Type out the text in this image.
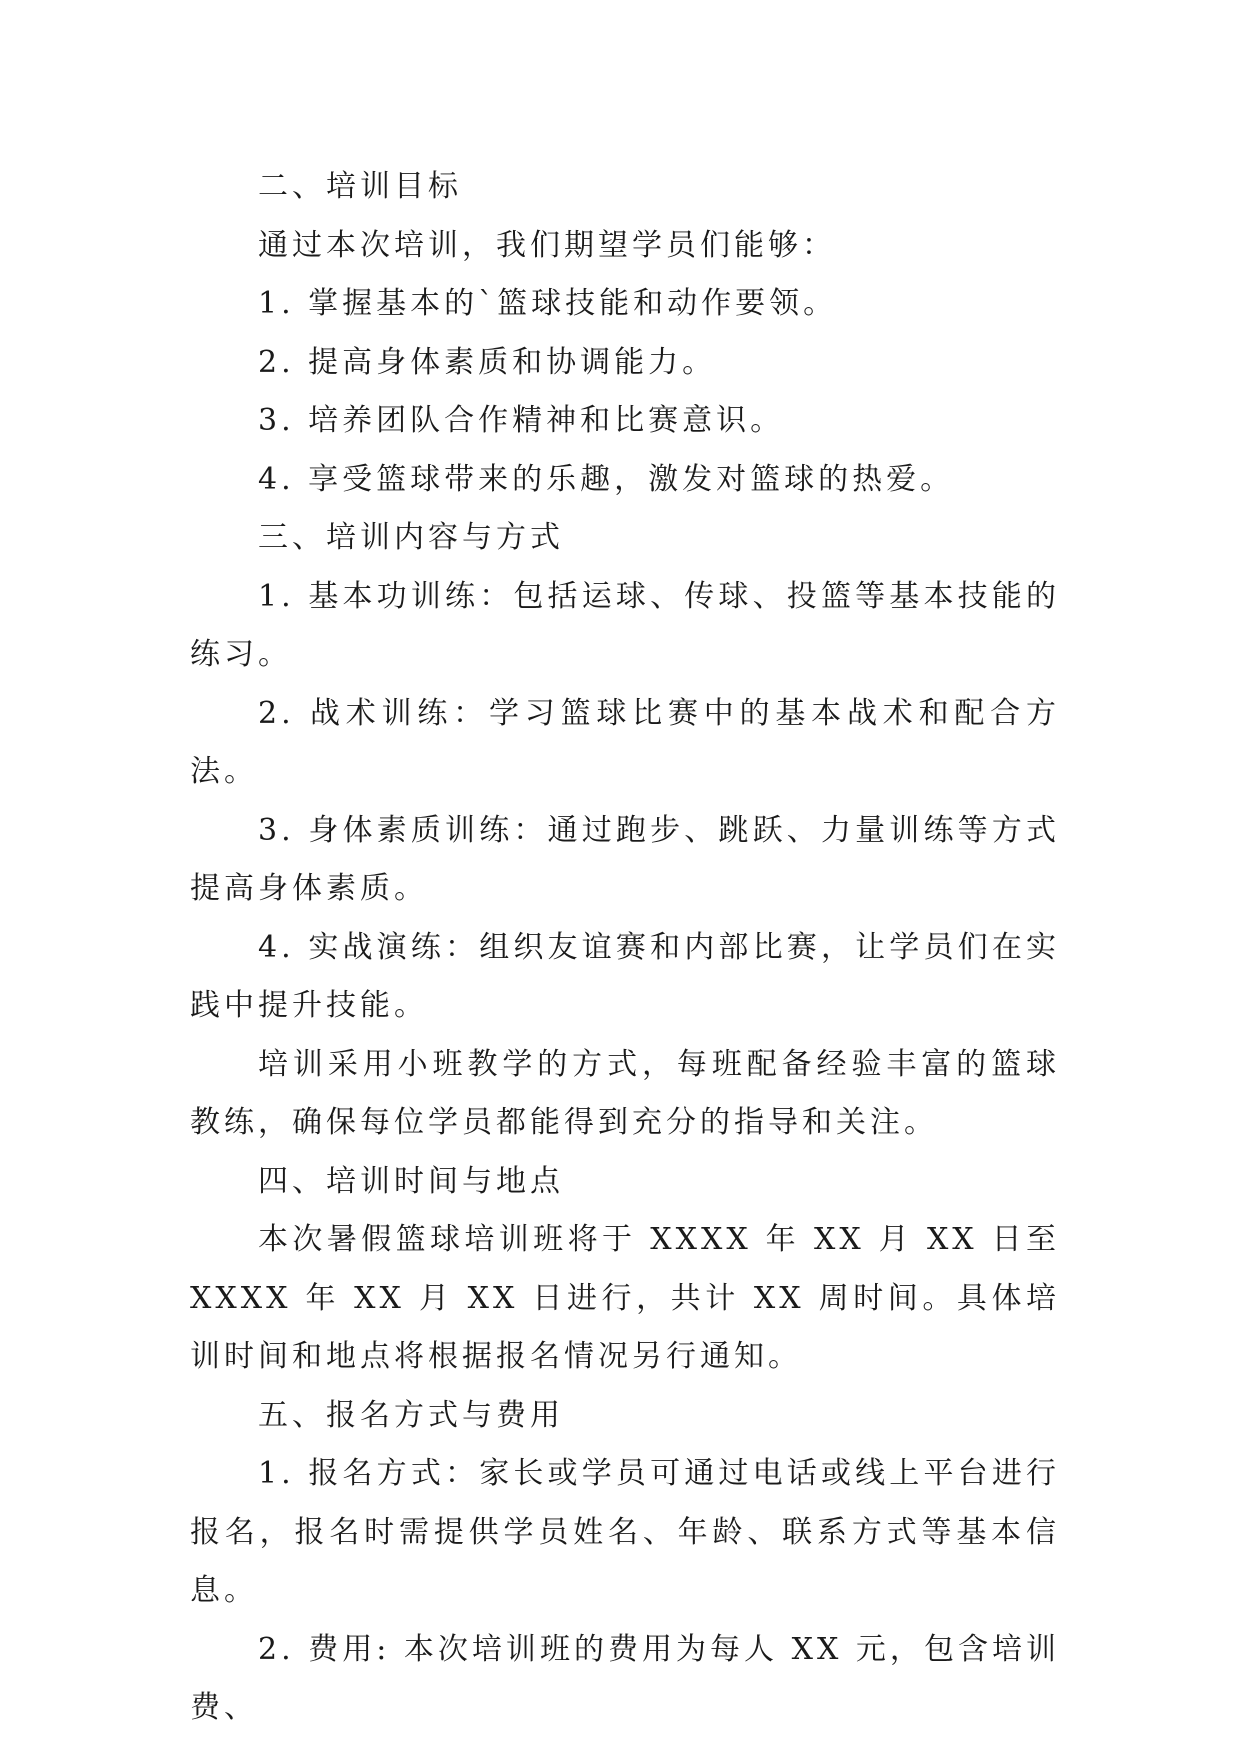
二、培训目标

通过本次培训，我们期望学员们能够：

1. 掌握基本的`篮球技能和动作要领。

2. 提高身体素质和协调能力。

3. 培养团队合作精神和比赛意识。

4. 享受篮球带来的乐趣，激发对篮球的热爱。

三、培训内容与方式

1. 基本功训练：包括运球、传球、投篮等基本技能的练习。

2. 战术训练：学习篮球比赛中的基本战术和配合方法。

3. 身体素质训练：通过跑步、跳跃、力量训练等方式提高身体素质。

4. 实战演练：组织友谊赛和内部比赛，让学员们在实践中提升技能。

培训采用小班教学的方式，每班配备经验丰富的篮球教练，确保每位学员都能得到充分的指导和关注。

四、培训时间与地点

本次暑假篮球培训班将于 XXXX 年 XX 月 XX 日至 XXXX 年 XX 月 XX 日进行，共计 XX 周时间。具体培训时间和地点将根据报名情况另行通知。

五、报名方式与费用

1. 报名方式：家长或学员可通过电话或线上平台进行报名，报名时需提供学员姓名、年龄、联系方式等基本信息。

2. 费用: 本次培训班的费用为每人 XX 元，包含培训费、
